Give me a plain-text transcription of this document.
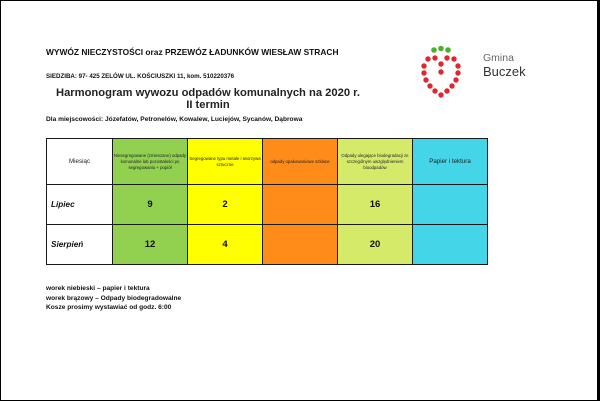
WYWÓZ NIECZYSTOŚCI oraz PRZEWÓZ ŁADUNKÓW WIESŁAW STRACH
SIEDZIBA: 97- 425 ZELÓW UL. KOŚCIUSZKI 11, kom. 510220376
Harmonogram wywozu odpadów komunalnych na 2020 r.
II termin
Dla miejscowości: Józefatów, Petronelów, Kowalew, Luciejów, Sycanów, Dąbrowa
Gmina
Buczek
Miesiąc	Niesegregowane (zmieszane) odpady komunalne lub pozostałości po segregowaniu + popiół	Segregowane typu metale i tworzywa sztuczne	odpady opakowaniowe szklane	Odpady ulegające biodegradacji ze szczególnym uwzględnieniem bioodpadów	Papier i tektura
Lipiec	9	2		16	
Sierpień	12	4		20	
worek niebieski – papier i tektura
worek brązowy – Odpady biodegradowalne
Kosze prosimy wystawiać od godz. 6:00
